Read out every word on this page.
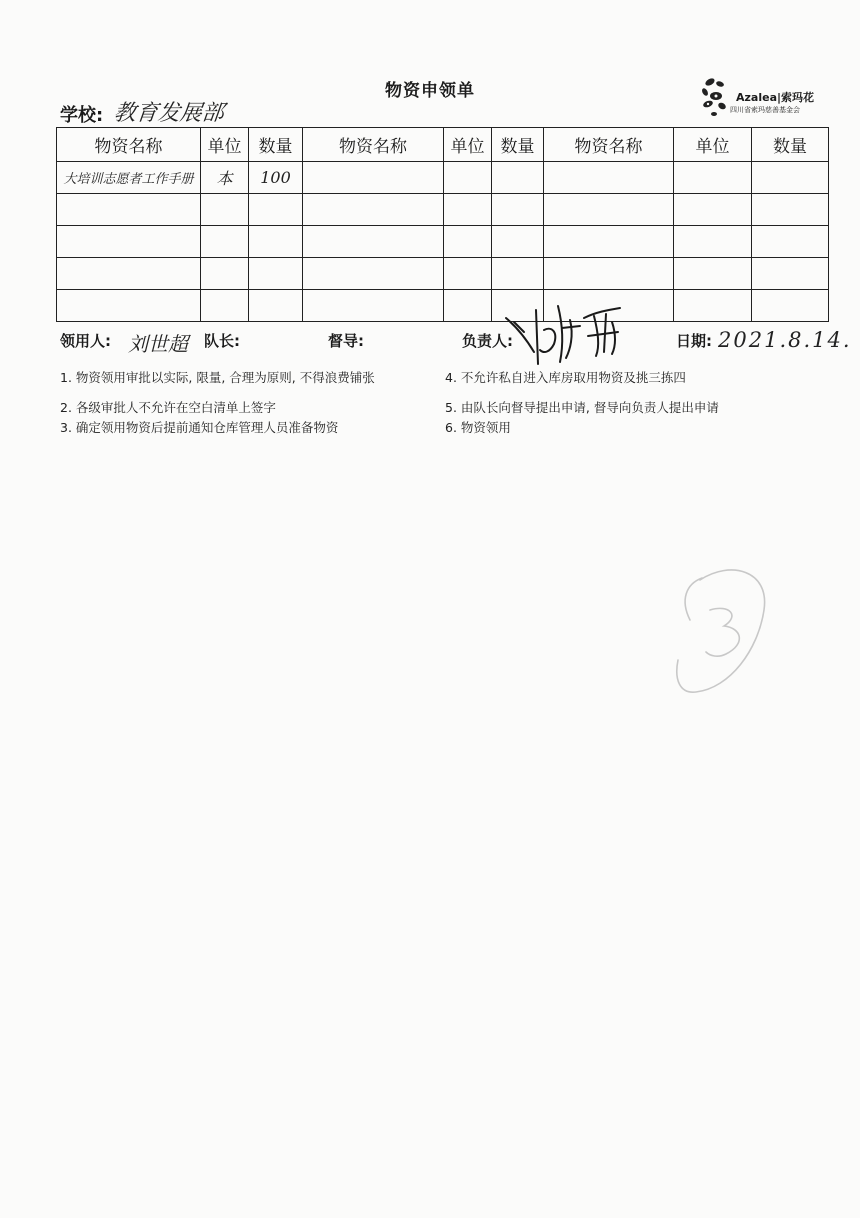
物资申领单	Azalea|索玛花
四川省索玛慈善基金会
学校: 教育发展部
物资名称	单位	数量	物资名称	单位	数量	物资名称	单位	数量
大培训志愿者工作手册	本	100						

领用人: 刘世超 队长:	督导:	负责人:	日期: 2021.8.14.
1. 物资领用审批以实际, 限量, 合理为原则, 不得浪费铺张
2. 各级审批人不允许在空白清单上签字
3. 确定领用物资后提前通知仓库管理人员准备物资
4. 不允许私自进入库房取用物资及挑三拣四
5. 由队长向督导提出申请, 督导向负责人提出申请
6. 物资领用
